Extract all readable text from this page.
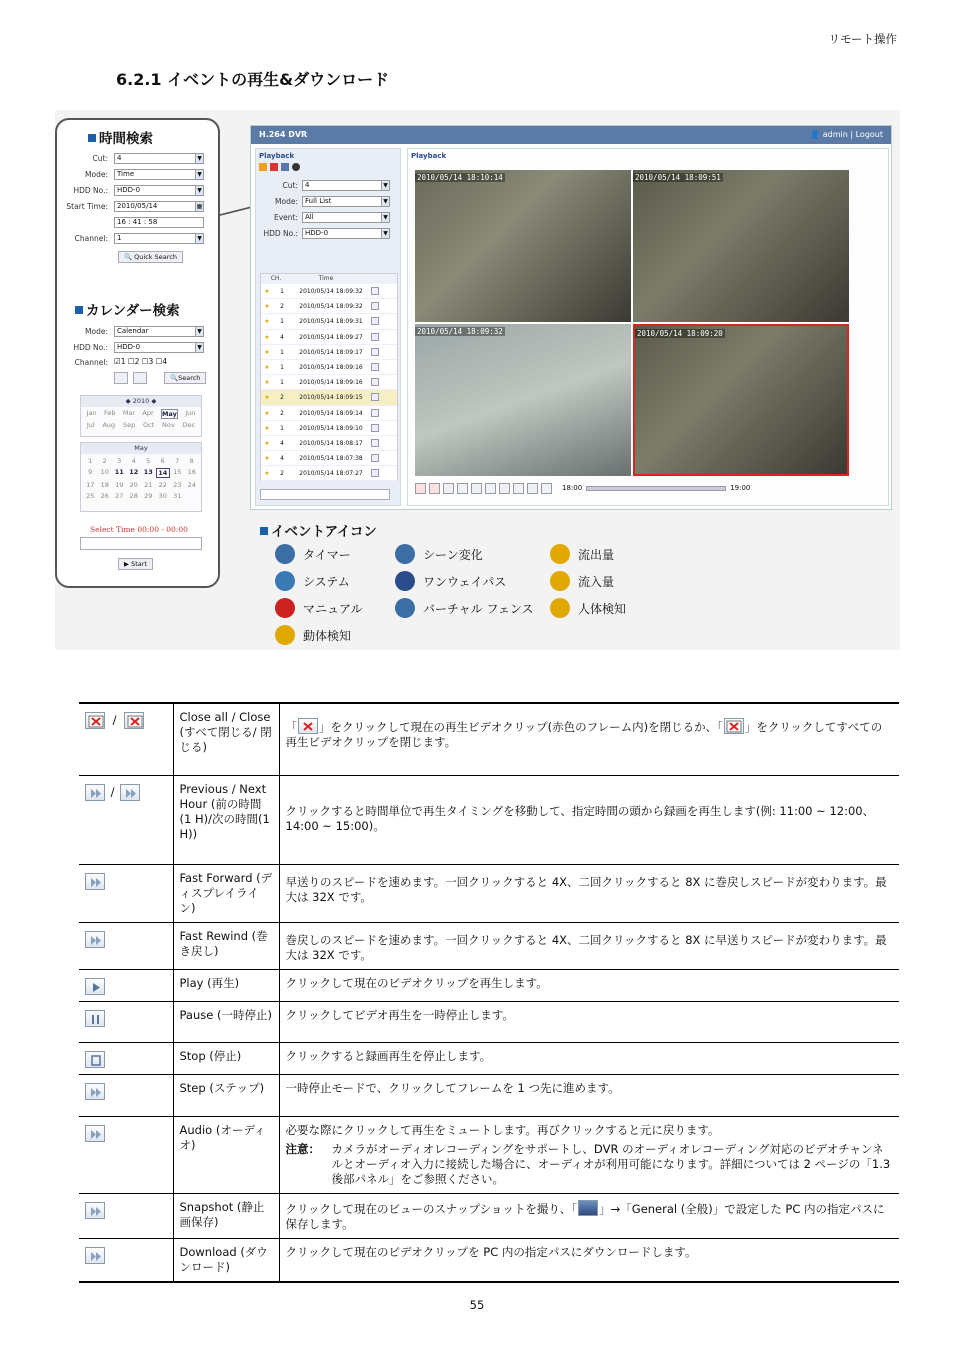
リモート操作
6.2.1 イベントの再生&ダウンロード
時間検索
Cut:	4	▼
Mode:	Time	▼
HDD No.:	HDD-0	▼
Start Time:	2010/05/14	▦
16 : 41 : 58
Channel:	1	▼
🔍 Quick Search
カレンダー検索
Mode:	Calendar	▼
HDD No.:	HDD-0	▼
Channel: ☑1 ☐2 ☐3 ☐4
🔍Search
◆ 2010 ◆
Jan Feb Mar Apr May Jun
Jul Aug Sep Oct Nov Dec
May
1	2	3	4	5	6	7	8
9	10 11 12 13 14 15 16
17 18 19 20 21 22 23 24
25 26 27 28 29 30 31
Select Time 00:00 - 00:00
▶ Start
H.264 DVR	👤 admin | Logout
Playback
Cut:	4	▼
Mode:	Full List	▼
Event:	All	▼
HDD No.:	HDD-0	▼
CH.	Time
★	1	2010/05/14 18:09:32
★	2	2010/05/14 18:09:32
★	1	2010/05/14 18:09:31
★	4	2010/05/14 18:09:27
★	1	2010/05/14 18:09:17
★	1	2010/05/14 18:09:16
★	1	2010/05/14 18:09:16
★	2	2010/05/14 18:09:15
★	2	2010/05/14 18:09:14
★	1	2010/05/14 18:09:10
★	4	2010/05/14 18:08:17
★	4	2010/05/14 18:07:38
★	2	2010/05/14 18:07:27
Playback
2010/05/14 18:10:14	2010/05/14 18:09:51
2010/05/14 18:09:32	2010/05/14 18:09:20
18:00	19:00
イベントアイコン
タイマー	シーン変化	流出量
システム	ワンウェイパス	流入量
マニュアル	バーチャル フェンス	人体検知
動体検知
/	Close all / Close (すべて閉じる/ 閉じる)	「 」をクリックして現在の再生ビデオクリップ(赤色のフレーム内)を閉じるか、「 」をクリックしてすべての再生ビデオクリップを閉じます。

/	Previous / Next Hour (前の時間(1 H)/次の時間(1 H))	クリックすると時間単位で再生タイミングを移動して、指定時間の頭から録画を再生します(例: 11:00 ~ 12:00、14:00 ~ 15:00)。

	Fast Forward (ディスプレイライン)	早送りのスピードを速めます。一回クリックすると 4X、二回クリックすると 8X に巻戻しスピードが変わります。最大は 32X です。

	Fast Rewind (巻き戻し)	巻戻しのスピードを速めます。一回クリックすると 4X、二回クリックすると 8X に早送りスピードが変わります。最大は 32X です。

	Play (再生)	クリックして現在のビデオクリップを再生します。

	Pause (一時停止)	クリックしてビデオ再生を一時停止します。

	Stop (停止)	クリックすると録画再生を停止します。

	Step (ステップ)	一時停止モードで、クリックしてフレームを 1 つ先に進めます。

	Audio (オーディオ)	必要な際にクリックして再生をミュートします。再びクリックすると元に戻ります。
注意： カメラがオーディオレコーディングをサポートし、DVR のオーディオレコーディング対応のビデオチャンネルとオーディオ入力に接続した場合に、オーディオが利用可能になります。詳細については 2 ページの「1.3 後部パネル」をご参照ください。

	Snapshot (静止画保存)	クリックして現在のビューのスナップショットを撮り、「 」→「General (全般)」で設定した PC 内の指定パスに保存します。

	Download (ダウンロード)	クリックして現在のビデオクリップを PC 内の指定パスにダウンロードします。
55
